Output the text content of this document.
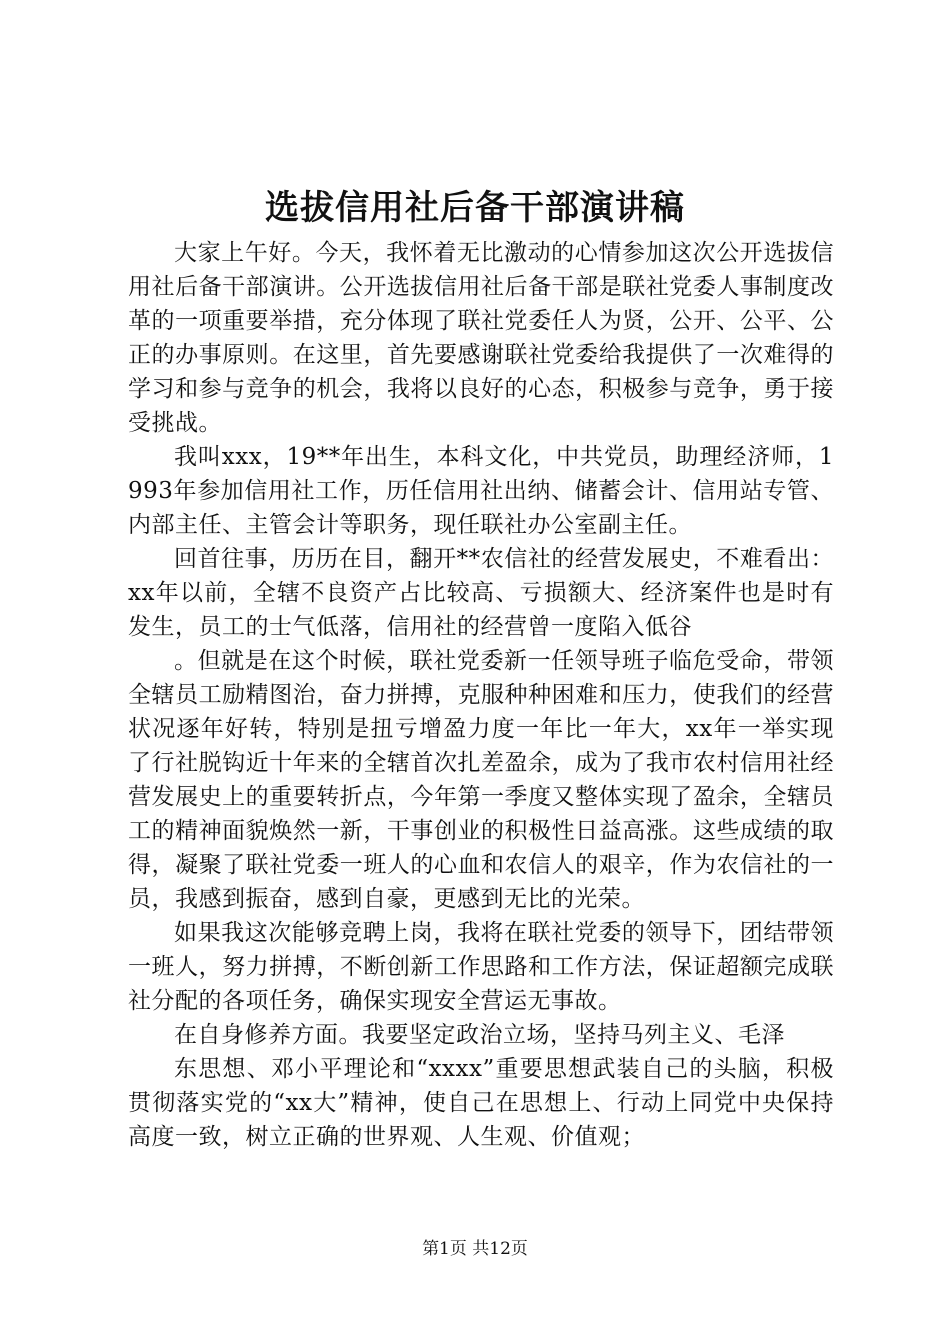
选拔信用社后备干部演讲稿

大家上午好。今天，我怀着无比激动的心情参加这次公开选拔信用社后备干部演讲。公开选拔信用社后备干部是联社党委人事制度改革的一项重要举措，充分体现了联社党委任人为贤，公开、公平、公正的办事原则。在这里，首先要感谢联社党委给我提供了一次难得的学习和参与竞争的机会，我将以良好的心态，积极参与竞争，勇于接受挑战。

我叫xxx，19**年出生，本科文化，中共党员，助理经济师，1993年参加信用社工作，历任信用社出纳、储蓄会计、信用站专管、内部主任、主管会计等职务，现任联社办公室副主任。

回首往事，历历在目，翻开**农信社的经营发展史，不难看出：xx年以前，全辖不良资产占比较高、亏损额大、经济案件也是时有发生，员工的士气低落，信用社的经营曾一度陷入低谷

。但就是在这个时候，联社党委新一任领导班子临危受命，带领全辖员工励精图治，奋力拼搏，克服种种困难和压力，使我们的经营状况逐年好转，特别是扭亏增盈力度一年比一年大，xx年一举实现了行社脱钩近十年来的全辖首次扎差盈余，成为了我市农村信用社经营发展史上的重要转折点，今年第一季度又整体实现了盈余，全辖员工的精神面貌焕然一新，干事创业的积极性日益高涨。这些成绩的取得，凝聚了联社党委一班人的心血和农信人的艰辛，作为农信社的一员，我感到振奋，感到自豪，更感到无比的光荣。

如果我这次能够竞聘上岗，我将在联社党委的领导下，团结带领一班人，努力拼搏，不断创新工作思路和工作方法，保证超额完成联社分配的各项任务，确保实现安全营运无事故。

在自身修养方面。我要坚定政治立场，坚持马列主义、毛泽

东思想、邓小平理论和“xxxx”重要思想武装自己的头脑，积极贯彻落实党的“xx大”精神，使自己在思想上、行动上同党中央保持高度一致，树立正确的世界观、人生观、价值观；

第1页 共12页
